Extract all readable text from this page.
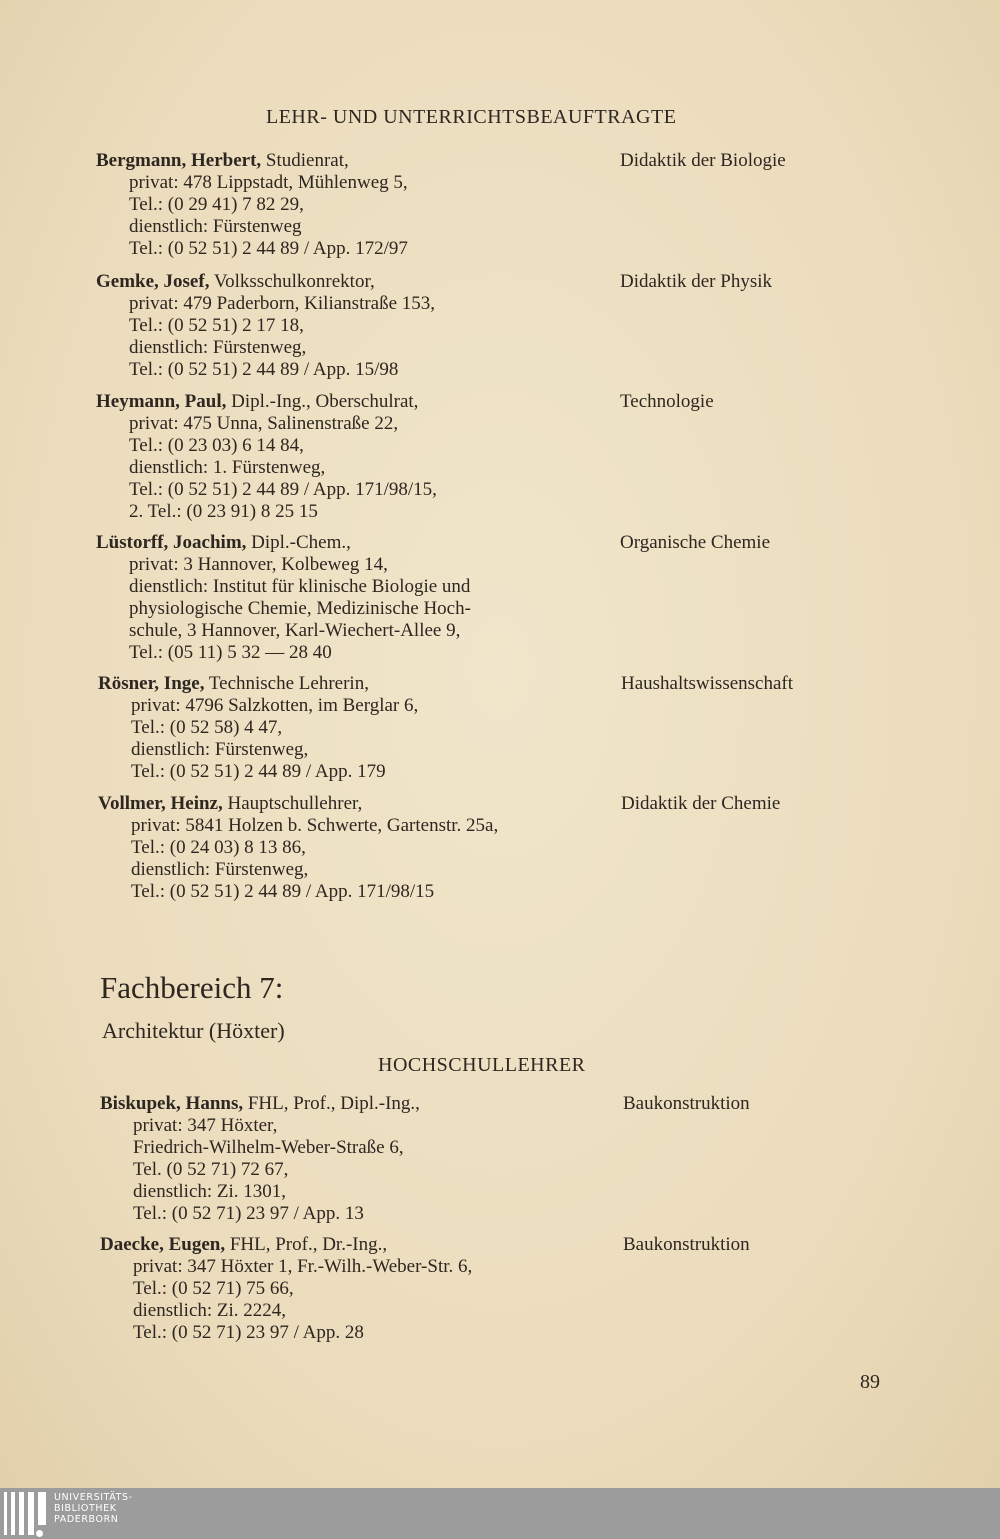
LEHR- UND UNTERRICHTSBEAUFTRAGTE
Bergmann, Herbert, Studienrat,
privat: 478 Lippstadt, Mühlenweg 5,
Tel.: (0 29 41) 7 82 29,
dienstlich: Fürstenweg
Tel.: (0 52 51) 2 44 89 / App. 172/97
Didaktik der Biologie
Gemke, Josef, Volksschulkonrektor,
privat: 479 Paderborn, Kilianstraße 153,
Tel.: (0 52 51) 2 17 18,
dienstlich: Fürstenweg,
Tel.: (0 52 51) 2 44 89 / App. 15/98
Didaktik der Physik
Heymann, Paul, Dipl.-Ing., Oberschulrat,
privat: 475 Unna, Salinenstraße 22,
Tel.: (0 23 03) 6 14 84,
dienstlich: 1. Fürstenweg,
Tel.: (0 52 51) 2 44 89 / App. 171/98/15,
2. Tel.: (0 23 91) 8 25 15
Technologie
Lüstorff, Joachim, Dipl.-Chem.,
privat: 3 Hannover, Kolbeweg 14,
dienstlich: Institut für klinische Biologie und
physiologische Chemie, Medizinische Hoch-
schule, 3 Hannover, Karl-Wiechert-Allee 9,
Tel.: (05 11) 5 32 — 28 40
Organische Chemie
Rösner, Inge, Technische Lehrerin,
privat: 4796 Salzkotten, im Berglar 6,
Tel.: (0 52 58) 4 47,
dienstlich: Fürstenweg,
Tel.: (0 52 51) 2 44 89 / App. 179
Haushaltswissenschaft
Vollmer, Heinz, Hauptschullehrer,
privat: 5841 Holzen b. Schwerte, Gartenstr. 25a,
Tel.: (0 24 03) 8 13 86,
dienstlich: Fürstenweg,
Tel.: (0 52 51) 2 44 89 / App. 171/98/15
Didaktik der Chemie
Fachbereich 7:
Architektur (Höxter)
HOCHSCHULLEHRER
Biskupek, Hanns, FHL, Prof., Dipl.-Ing.,
privat: 347 Höxter,
Friedrich-Wilhelm-Weber-Straße 6,
Tel. (0 52 71) 72 67,
dienstlich: Zi. 1301,
Tel.: (0 52 71) 23 97 / App. 13
Baukonstruktion
Daecke, Eugen, FHL, Prof., Dr.-Ing.,
privat: 347 Höxter 1, Fr.-Wilh.-Weber-Str. 6,
Tel.: (0 52 71) 75 66,
dienstlich: Zi. 2224,
Tel.: (0 52 71) 23 97 / App. 28
Baukonstruktion
89
UNIVERSITÄTS-
BIBLIOTHEK
PADERBORN
